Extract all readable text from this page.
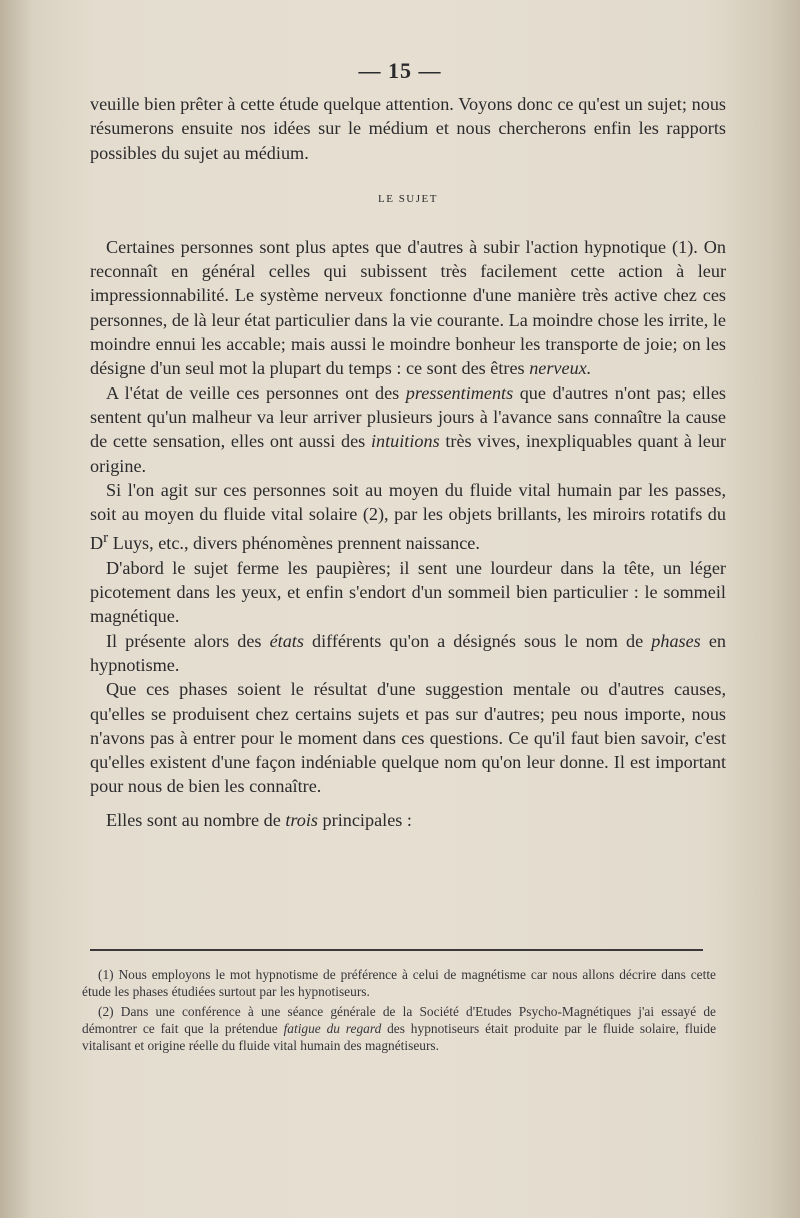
— 15 —

veuille bien prêter à cette étude quelque attention. Voyons donc ce qu'est un sujet; nous résumerons ensuite nos idées sur le médium et nous chercherons enfin les rapports possibles du sujet au médium.

LE SUJET

Certaines personnes sont plus aptes que d'autres à subir l'action hypnotique (1). On reconnaît en général celles qui subissent très facilement cette action à leur impressionnabilité. Le système nerveux fonctionne d'une manière très active chez ces personnes, de là leur état particulier dans la vie courante. La moindre chose les irrite, le moindre ennui les accable; mais aussi le moindre bonheur les transporte de joie; on les désigne d'un seul mot la plupart du temps : ce sont des êtres nerveux.

A l'état de veille ces personnes ont des pressentiments que d'autres n'ont pas; elles sentent qu'un malheur va leur arriver plusieurs jours à l'avance sans connaître la cause de cette sensation, elles ont aussi des intuitions très vives, inexpliquables quant à leur origine.

Si l'on agit sur ces personnes soit au moyen du fluide vital humain par les passes, soit au moyen du fluide vital solaire (2), par les objets brillants, les miroirs rotatifs du $D^r$ Luys, etc., divers phénomènes prennent naissance.

D'abord le sujet ferme les paupières; il sent une lourdeur dans la tête, un léger picotement dans les yeux, et enfin s'endort d'un sommeil bien particulier : le sommeil magnétique.

Il présente alors des états différents qu'on a désignés sous le nom de phases en hypnotisme.

Que ces phases soient le résultat d'une suggestion mentale ou d'autres causes, qu'elles se produisent chez certains sujets et pas sur d'autres; peu nous importe, nous n'avons pas à entrer pour le moment dans ces questions. Ce qu'il faut bien savoir, c'est qu'elles existent d'une façon indéniable quelque nom qu'on leur donne. Il est important pour nous de bien les connaître.

Elles sont au nombre de trois principales :

(1) Nous employons le mot hypnotisme de préférence à celui de magnétisme car nous allons décrire dans cette étude les phases étudiées surtout par les hypnotiseurs.

(2) Dans une conférence à une séance générale de la Société d'Etudes Psycho-Magnétiques j'ai essayé de démontrer ce fait que la prétendue fatigue du regard des hypnotiseurs était produite par le fluide solaire, fluide vitalisant et origine réelle du fluide vital humain des magnétiseurs.
